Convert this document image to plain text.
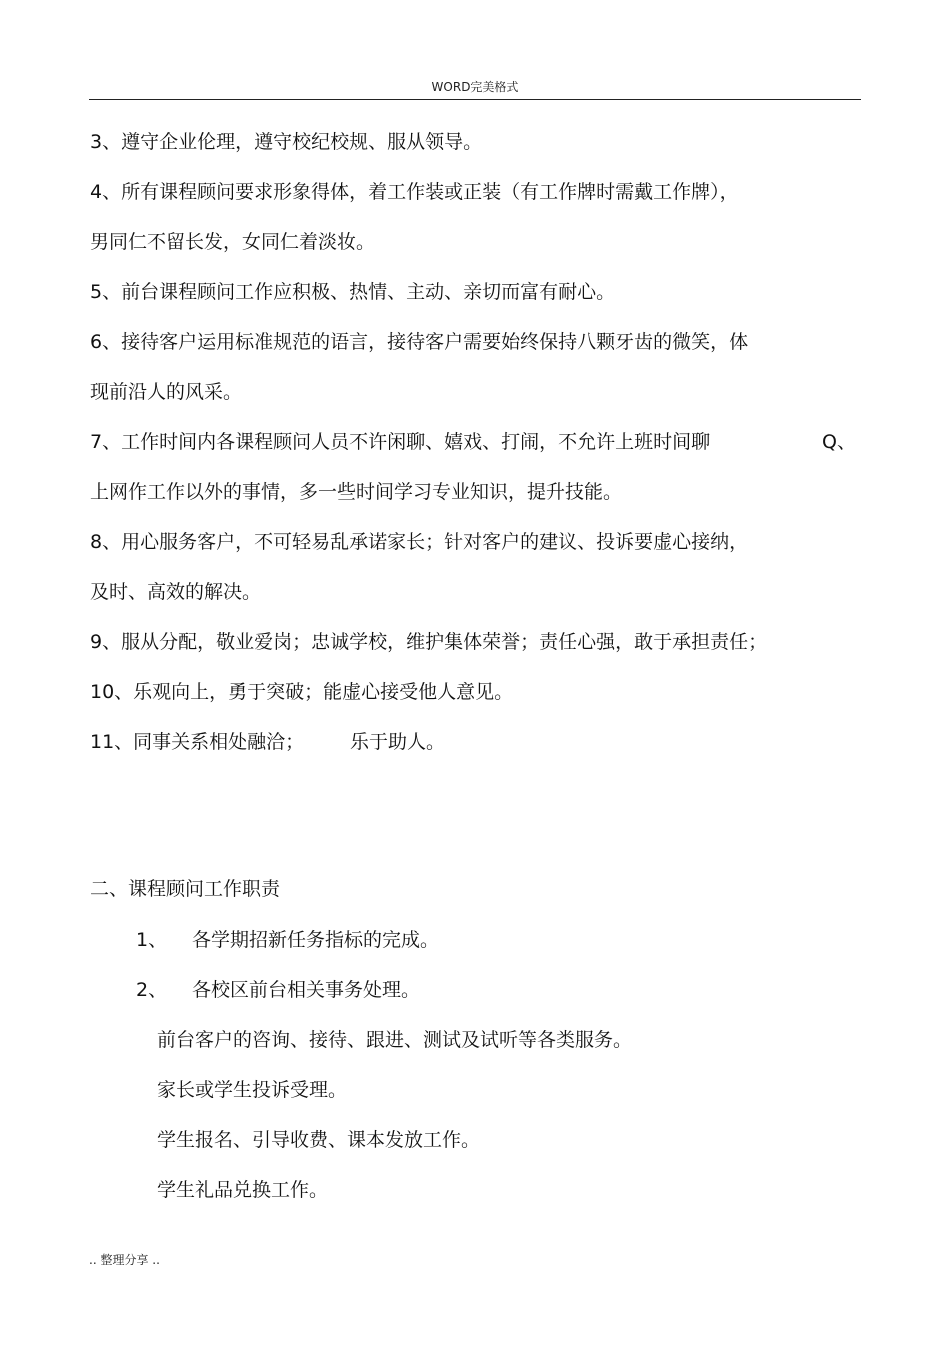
WORD完美格式
3、遵守企业伦理，遵守校纪校规、服从领导。
4、所有课程顾问要求形象得体，着工作装或正装（有工作牌时需戴工作牌），
男同仁不留长发，女同仁着淡妆。
5、前台课程顾问工作应积极、热情、主动、亲切而富有耐心。
6、接待客户运用标准规范的语言，接待客户需要始终保持八颗牙齿的微笑，体
现前沿人的风采。
7、工作时间内各课程顾问人员不许闲聊、嬉戏、打闹，不允许上班时间聊	Q、
上网作工作以外的事情，多一些时间学习专业知识，提升技能。
8、用心服务客户，不可轻易乱承诺家长；针对客户的建议、投诉要虚心接纳，
及时、高效的解决。
9、服从分配，敬业爱岗；忠诚学校，维护集体荣誉；责任心强，敢于承担责任；
10、乐观向上，勇于突破；能虚心接受他人意见。
11、同事关系相处融洽； 乐于助人。
二、课程顾问工作职责
1、 各学期招新任务指标的完成。
2、 各校区前台相关事务处理。
前台客户的咨询、接待、跟进、测试及试听等各类服务。
家长或学生投诉受理。
学生报名、引导收费、课本发放工作。
学生礼品兑换工作。
.. 整理分享 ..
